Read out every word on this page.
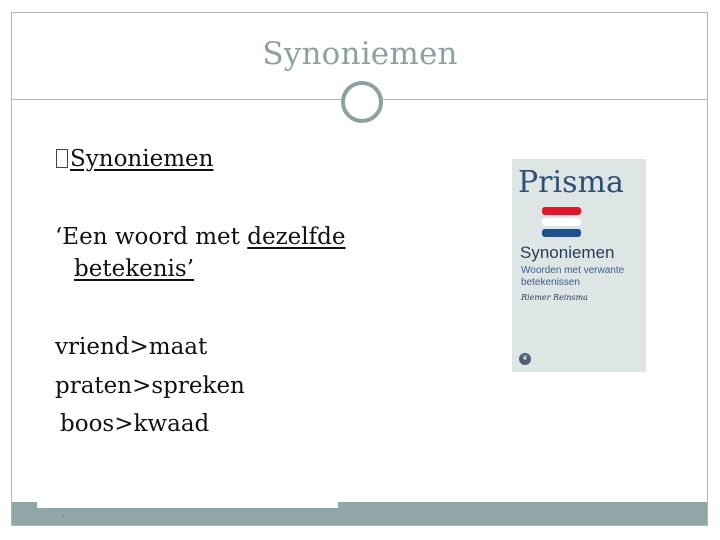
Synoniemen
Synoniemen
‘Een woord met dezelfde
betekenis’
vriend>maat
praten>spreken
boos>kwaad
Prisma
Synoniemen
Woorden met verwante
betekenissen
Riemer Reinsma
❦
